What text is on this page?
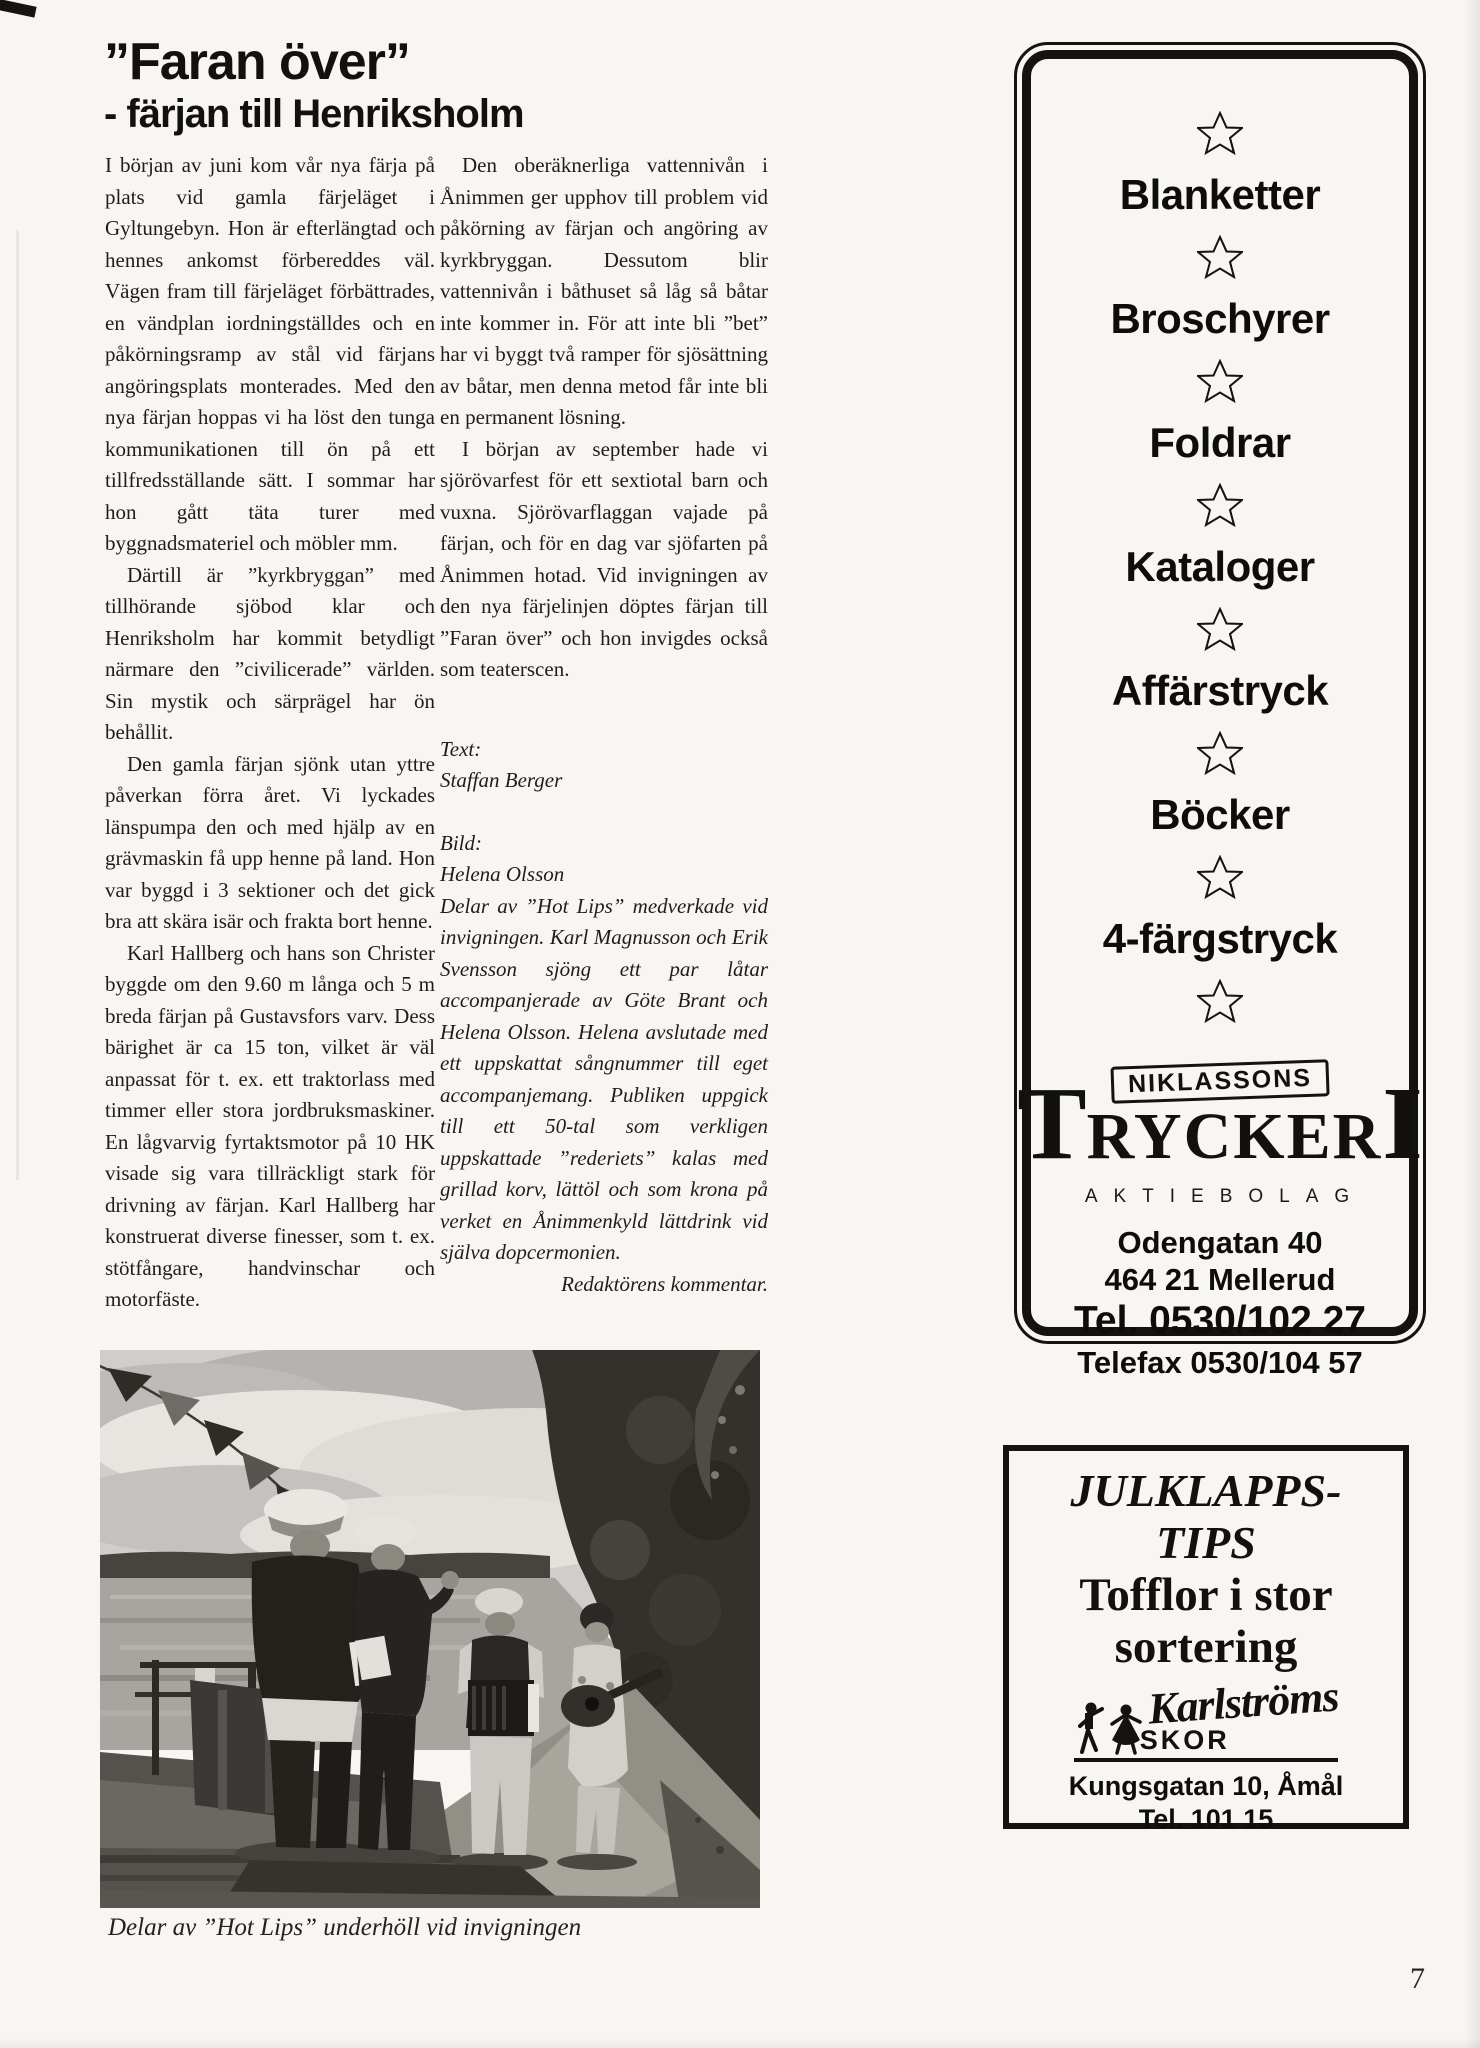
”Faran över”
- färjan till Henriksholm

I början av juni kom vår nya färja på plats vid gamla färjeläget i Gyltungebyn. Hon är efterlängtad och hennes ankomst förbereddes väl. Vägen fram till färjeläget förbättrades, en vändplan iordningställdes och en påkörningsramp av stål vid färjans angöringsplats monterades. Med den nya färjan hoppas vi ha löst den tunga kommunikationen till ön på ett tillfredsställande sätt. I sommar har hon gått täta turer med byggnadsmateriel och möbler mm.

Därtill är ”kyrkbryggan” med tillhörande sjöbod klar och Henriksholm har kommit betydligt närmare den ”civilicerade” världen. Sin mystik och särprägel har ön behållit.

Den gamla färjan sjönk utan yttre påverkan förra året. Vi lyckades länspumpa den och med hjälp av en grävmaskin få upp henne på land. Hon var byggd i 3 sektioner och det gick bra att skära isär och frakta bort henne.

Karl Hallberg och hans son Christer byggde om den 9.60 m långa och 5 m breda färjan på Gustavsfors varv. Dess bärighet är ca 15 ton, vilket är väl anpassat för t. ex. ett traktorlass med timmer eller stora jordbruksmaskiner. En lågvarvig fyrtaktsmotor på 10 HK visade sig vara tillräckligt stark för drivning av färjan. Karl Hallberg har konstruerat diverse finesser, som t. ex. stötfångare, handvinschar och motorfäste.

Den oberäknerliga vattennivån i Ånimmen ger upphov till problem vid påkörning av färjan och angöring av kyrkbryggan. Dessutom blir vattennivån i båthuset så låg så båtar inte kommer in. För att inte bli ”bet” har vi byggt två ramper för sjösättning av båtar, men denna metod får inte bli en permanent lösning.

I början av september hade vi sjörövarfest för ett sextiotal barn och vuxna. Sjörövarflaggan vajade på färjan, och för en dag var sjöfarten på Ånimmen hotad. Vid invigningen av den nya färjelinjen döptes färjan till ”Faran över” och hon invigdes också som teaterscen.

Text:

Staffan Berger

Bild:

Helena Olsson

Delar av ”Hot Lips” medverkade vid invigningen. Karl Magnusson och Erik Svensson sjöng ett par låtar accompanjerade av Göte Brant och Helena Olsson. Helena avslutade med ett uppskattat sångnummer till eget accompanjemang. Publiken uppgick till ett 50-tal som verkligen uppskattade ”rederiets” kalas med grillad korv, lättöl och som krona på verket en Ånimmenkyld lättdrink vid själva dopcermonien.

Redaktörens kommentar.

Blanketter
Broschyrer
Foldrar
Kataloger
Affärstryck
Böcker
4-färgstryck
T RYCKER I
NIKLASSONS
AKTIEBOLAG

Odengatan 40

464 21 Mellerud

Tel. 0530/102 27

Telefax 0530/104 57

Delar av ”Hot Lips” underhöll vid invigningen

JULKLAPPS-

TIPS

Tofflor i stor

sortering

Karlströms
SKOR
Kungsgatan 10, Åmål
Tel. 101 15
7
